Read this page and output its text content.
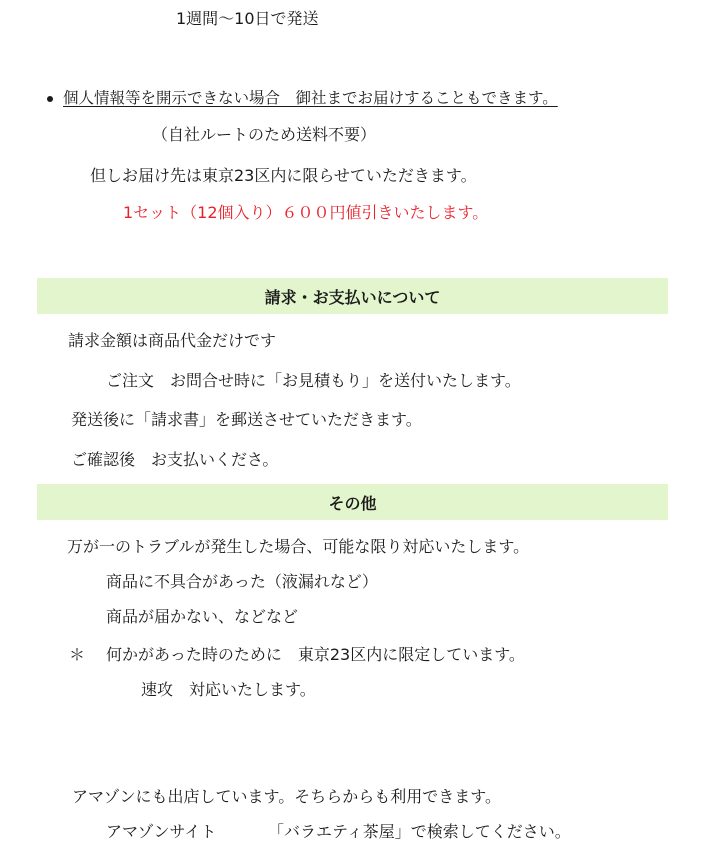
1週間〜10日で発送
個人情報等を開示できない場合　御社までお届けすることもできます。
（自社ルートのため送料不要）
但しお届け先は東京23区内に限らせていただきます。
1セット（12個入り）６００円値引きいたします。
請求・お支払いについて
請求金額は商品代金だけです
ご注文　お問合せ時に「お見積もり」を送付いたします。
発送後に「請求書」を郵送させていただきます。
ご確認後　お支払いくださ。
その他
万が一のトラブルが発生した場合、可能な限り対応いたします。
商品に不具合があった（液漏れなど）
商品が届かない、などなど
＊ 何かがあった時のために　東京23区内に限定しています。
速攻　対応いたします。
アマゾンにも出店しています。そちらからも利用できます。
アマゾンサイト	「バラエティ茶屋」で検索してください。
